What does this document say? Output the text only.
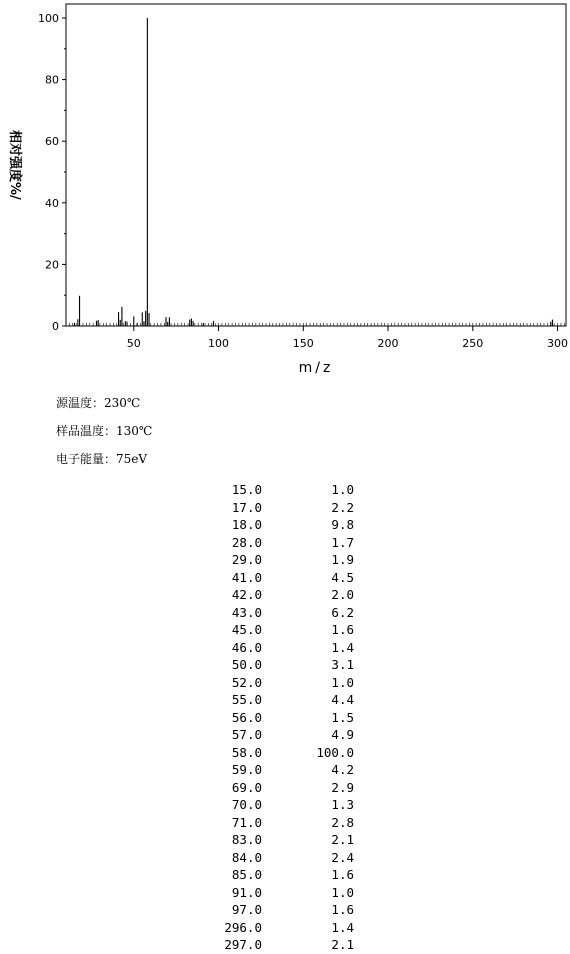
0
20
40
60
80
100
50	100	150	200	250	300
相对强度%/
m/z
源温度：230℃
样品温度：130℃
电子能量：75eV
15.0	1.0
17.0	2.2
18.0	9.8
28.0	1.7
29.0	1.9
41.0	4.5
42.0	2.0
43.0	6.2
45.0	1.6
46.0	1.4
50.0	3.1
52.0	1.0
55.0	4.4
56.0	1.5
57.0	4.9
58.0	100.0
59.0	4.2
69.0	2.9
70.0	1.3
71.0	2.8
83.0	2.1
84.0	2.4
85.0	1.6
91.0	1.0
97.0	1.6
296.0	1.4
297.0	2.1
